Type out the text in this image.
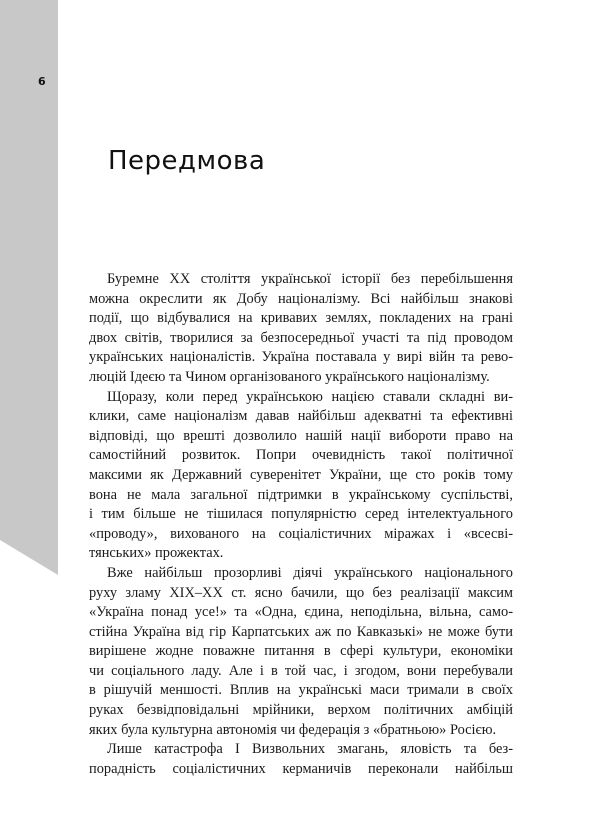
6
Передмова
Буремне XX століття української історії без перебільшення
можна окреслити як Добу націоналізму. Всі найбільш знакові
події, що відбувалися на кривавих землях, покладених на грані
двох світів, творилися за безпосередньої участі та під проводом
українських націоналістів. Україна поставала у вирі війн та рево-
люцій Ідеєю та Чином організованого українського націоналізму.
Щоразу, коли перед українською нацією ставали складні ви-
клики, саме націоналізм давав найбільш адекватні та ефективні
відповіді, що врешті дозволило нашій нації вибороти право на
самостійний розвиток. Попри очевидність такої політичної
максими як Державний суверенітет України, ще сто років тому
вона не мала загальної підтримки в українському суспільстві,
і тим більше не тішилася популярністю серед інтелектуального
«проводу», вихованого на соціалістичних міражах і «всесві-
тянських» прожектах.
Вже найбільш прозорливі діячі українського національного
руху зламу XIX–XX ст. ясно бачили, що без реалізації максим
«Україна понад усе!» та «Одна, єдина, неподільна, вільна, само-
стійна Україна від гір Карпатських аж по Кавказькі» не може бути
вирішене жодне поважне питання в сфері культури, економіки
чи соціального ладу. Але і в той час, і згодом, вони перебували
в рішучій меншості. Вплив на українські маси тримали в своїх
руках безвідповідальні мрійники, верхом політичних амбіцій
яких була культурна автономія чи федерація з «братньою» Росією.
Лише катастрофа І Визвольних змагань, яловість та без-
порадність соціалістичних керманичів переконали найбільш
